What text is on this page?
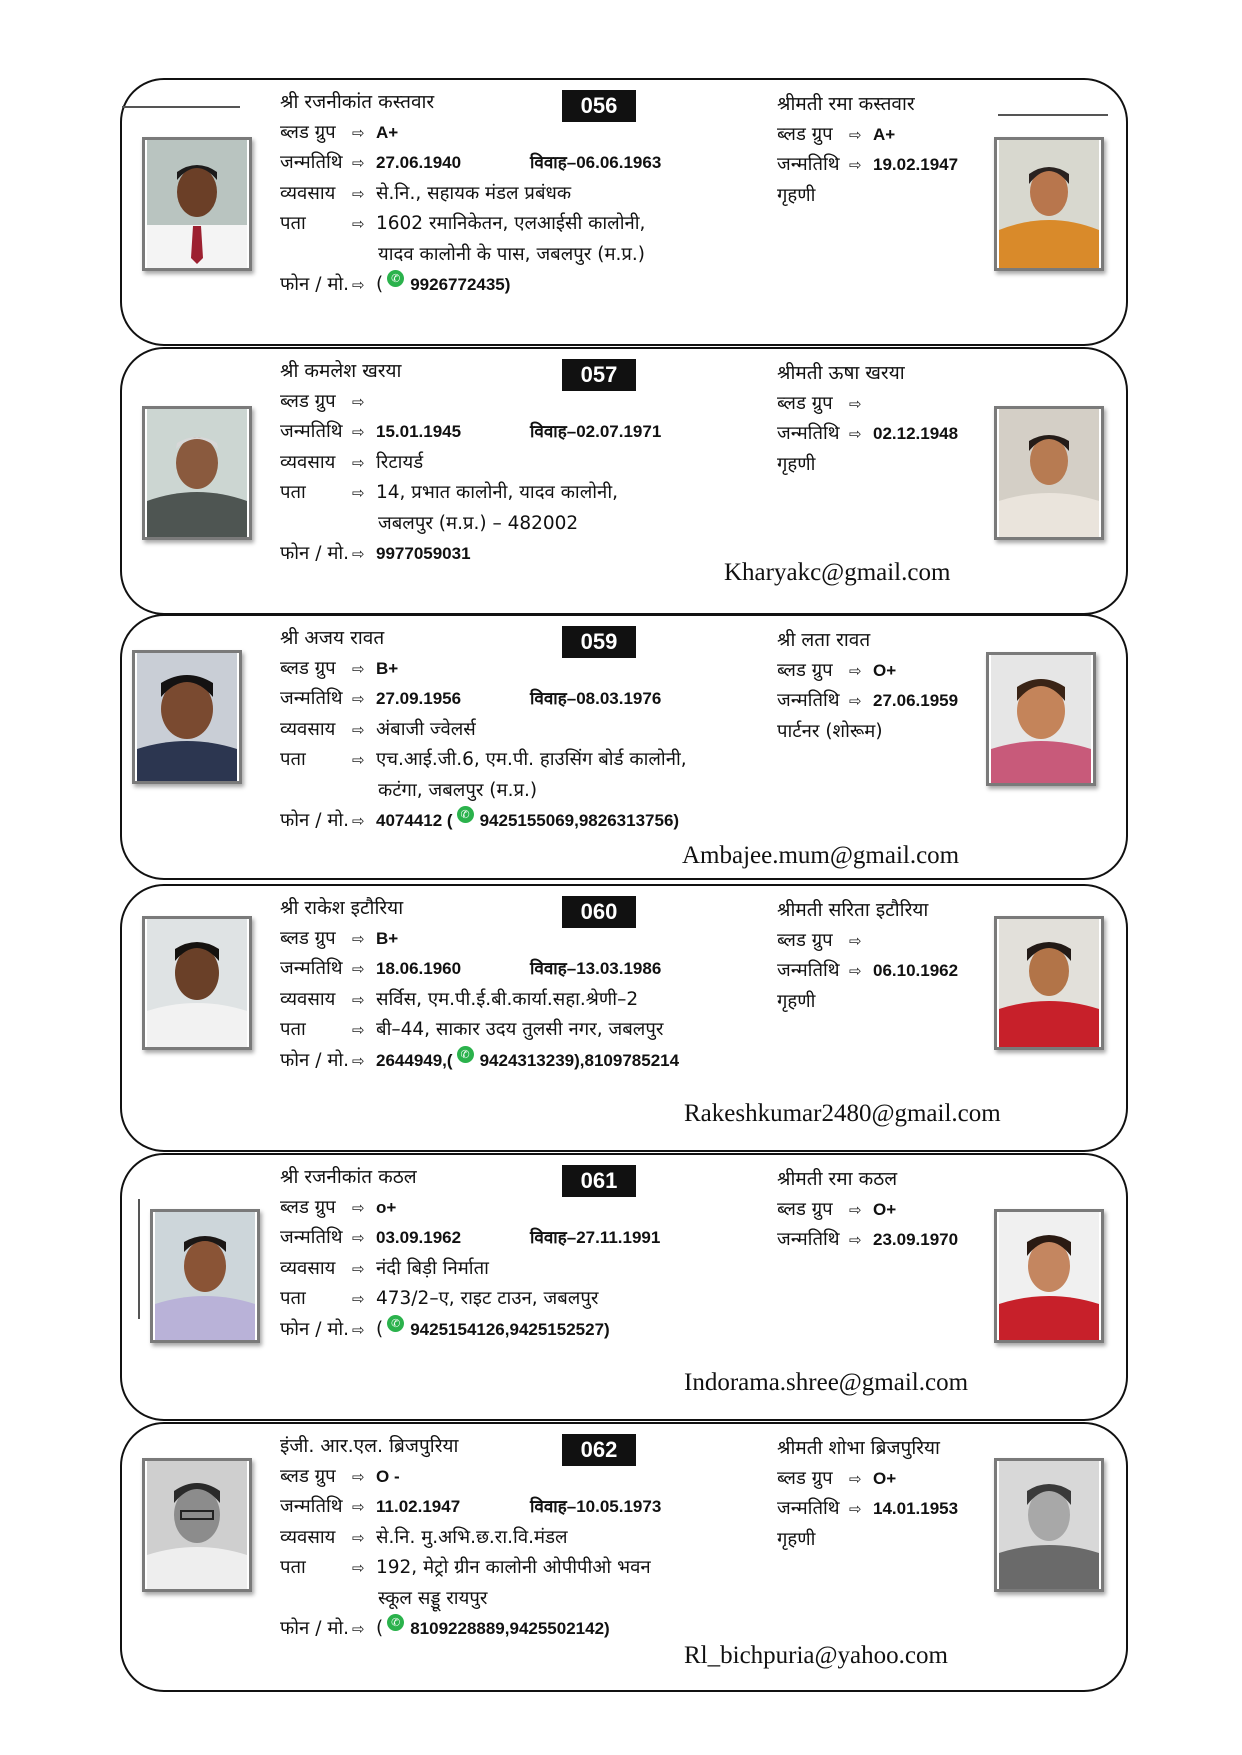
056
श्री रजनीकांत कस्तवार
ब्लड ग्रुप	⇨ A+
जन्मतिथि ⇨ 27.06.1940	विवाह–06.06.1963
व्यवसाय	⇨ से.नि., सहायक मंडल प्रबंधक
पता	⇨ 1602 रमानिकेतन, एलआईसी कालोनी,
यादव कालोनी के पास, जबलपुर (म.प्र.)
फोन / मो. ⇨ ( ✆ 9926772435)
श्रीमती रमा कस्तवार
ब्लड ग्रुप	⇨ A+
जन्मतिथि ⇨ 19.02.1947
गृहणी
057
श्री कमलेश खरया
ब्लड ग्रुप	⇨
जन्मतिथि ⇨ 15.01.1945	विवाह–02.07.1971
व्यवसाय	⇨ रिटायर्ड
पता	⇨ 14, प्रभात कालोनी, यादव कालोनी,
जबलपुर (म.प्र.) – 482002
फोन / मो. ⇨ 9977059031
श्रीमती ऊषा खरया
ब्लड ग्रुप	⇨
जन्मतिथि ⇨ 02.12.1948
गृहणी
Kharyakc@gmail.com
059
श्री अजय रावत
ब्लड ग्रुप	⇨ B+
जन्मतिथि ⇨ 27.09.1956	विवाह–08.03.1976
व्यवसाय	⇨ अंबाजी ज्वेलर्स
पता	⇨ एच.आई.जी.6, एम.पी. हाउसिंग बोर्ड कालोनी,
कटंगा, जबलपुर (म.प्र.)
फोन / मो. ⇨ 4074412 ( ✆ 9425155069,9826313756)
श्री लता रावत
ब्लड ग्रुप	⇨ O+
जन्मतिथि ⇨ 27.06.1959
पार्टनर (शोरूम)
Ambajee.mum@gmail.com
060
श्री राकेश इटौरिया
ब्लड ग्रुप	⇨ B+
जन्मतिथि ⇨ 18.06.1960	विवाह–13.03.1986
व्यवसाय	⇨ सर्विस, एम.पी.ई.बी.कार्या.सहा.श्रेणी–2
पता	⇨ बी–44, साकार उदय तुलसी नगर, जबलपुर
फोन / मो. ⇨ 2644949,( ✆ 9424313239),8109785214
श्रीमती सरिता इटौरिया
ब्लड ग्रुप	⇨
जन्मतिथि ⇨ 06.10.1962
गृहणी
Rakeshkumar2480@gmail.com
061
श्री रजनीकांत कठल
ब्लड ग्रुप	⇨ o+
जन्मतिथि ⇨ 03.09.1962	विवाह–27.11.1991
व्यवसाय	⇨ नंदी बिड़ी निर्माता
पता	⇨ 473/2–ए, राइट टाउन, जबलपुर
फोन / मो. ⇨ ( ✆ 9425154126,9425152527)
श्रीमती रमा कठल
ब्लड ग्रुप	⇨ O+
जन्मतिथि ⇨ 23.09.1970
Indorama.shree@gmail.com
062
इंजी. आर.एल. ब्रिजपुरिया
ब्लड ग्रुप	⇨ O -
जन्मतिथि ⇨ 11.02.1947	विवाह–10.05.1973
व्यवसाय	⇨ से.नि. मु.अभि.छ.रा.वि.मंडल
पता	⇨ 192, मेट्रो ग्रीन कालोनी ओपीपीओ भवन
स्कूल सड्डू रायपुर
फोन / मो. ⇨ ( ✆ 8109228889,9425502142)
श्रीमती शोभा ब्रिजपुरिया
ब्लड ग्रुप	⇨ O+
जन्मतिथि ⇨ 14.01.1953
गृहणी
Rl_bichpuria@yahoo.com
